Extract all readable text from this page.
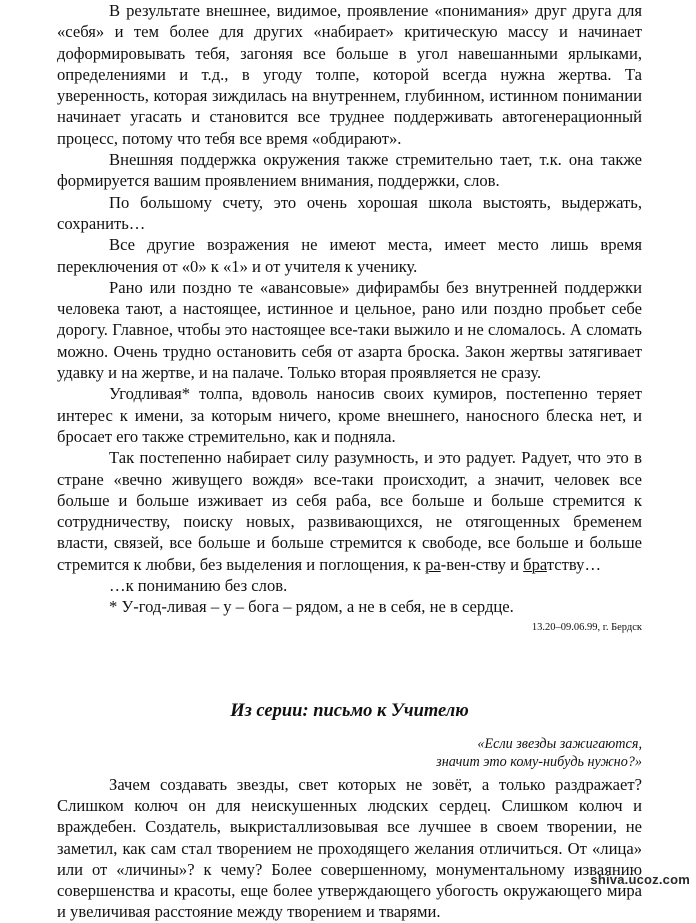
В результате внешнее, видимое, проявление «понимания» друг друга для «себя» и тем более для других «набирает» критическую массу и начинает доформировывать тебя, загоняя все больше в угол навешанными ярлыками, определениями и т.д., в угоду толпе, которой всегда нужна жертва. Та уверенность, которая зиждилась на внутреннем, глубинном, истинном понимании начинает угасать и становится все труднее поддерживать автогенерационный процесс, потому что тебя все время «обдирают».

Внешняя поддержка окружения также стремительно тает, т.к. она также формируется вашим проявлением внимания, поддержки, слов.

По большому счету, это очень хорошая школа выстоять, выдержать, сохранить…

Все другие возражения не имеют места, имеет место лишь время переключения от «0» к «1» и от учителя к ученику.

Рано или поздно те «авансовые» дифирамбы без внутренней поддержки человека тают, а настоящее, истинное и цельное, рано или поздно пробьет себе дорогу. Главное, чтобы это настоящее все-таки выжило и не сломалось. А сломать можно. Очень трудно остановить себя от азарта броска. Закон жертвы затягивает удавку и на жертве, и на палаче. Только вторая проявляется не сразу.

Угодливая* толпа, вдоволь наносив своих кумиров, постепенно теряет интерес к имени, за которым ничего, кроме внешнего, наносного блеска нет, и бросает его также стремительно, как и подняла.

Так постепенно набирает силу разумность, и это радует. Радует, что это в стране «вечно живущего вождя» все-таки происходит, а значит, человек все больше и больше изживает из себя раба, все больше и больше стремится к сотрудничеству, поиску новых, развивающихся, не отягощенных бременем власти, связей, все больше и больше стремится к свободе, все больше и больше стремится к любви, без выделения и поглощения, к ра-вен-ству и братству…

…к пониманию без слов.

* У-год-ливая – у – бога – рядом, а не в себя, не в сердце.

13.20–09.06.99, г. Бердск

Из серии: письмо к Учителю
«Если звезды зажигаются,
значит это кому-нибудь нужно?»

Зачем создавать звезды, свет которых не зовёт, а только раздражает? Слишком колюч он для неискушенных людских сердец. Слишком колюч и враждебен. Создатель, выкристаллизовывая все лучшее в своем творении, не заметил, как сам стал творением не проходящего желания отличиться. От «лица» или от «личины»? к чему? Более совершенному, монументальному изваянию совершенства и красоты, еще более утверждающего убогость окружающего мира и увеличивая расстояние между творением и тварями.

shiva.ucoz.com
